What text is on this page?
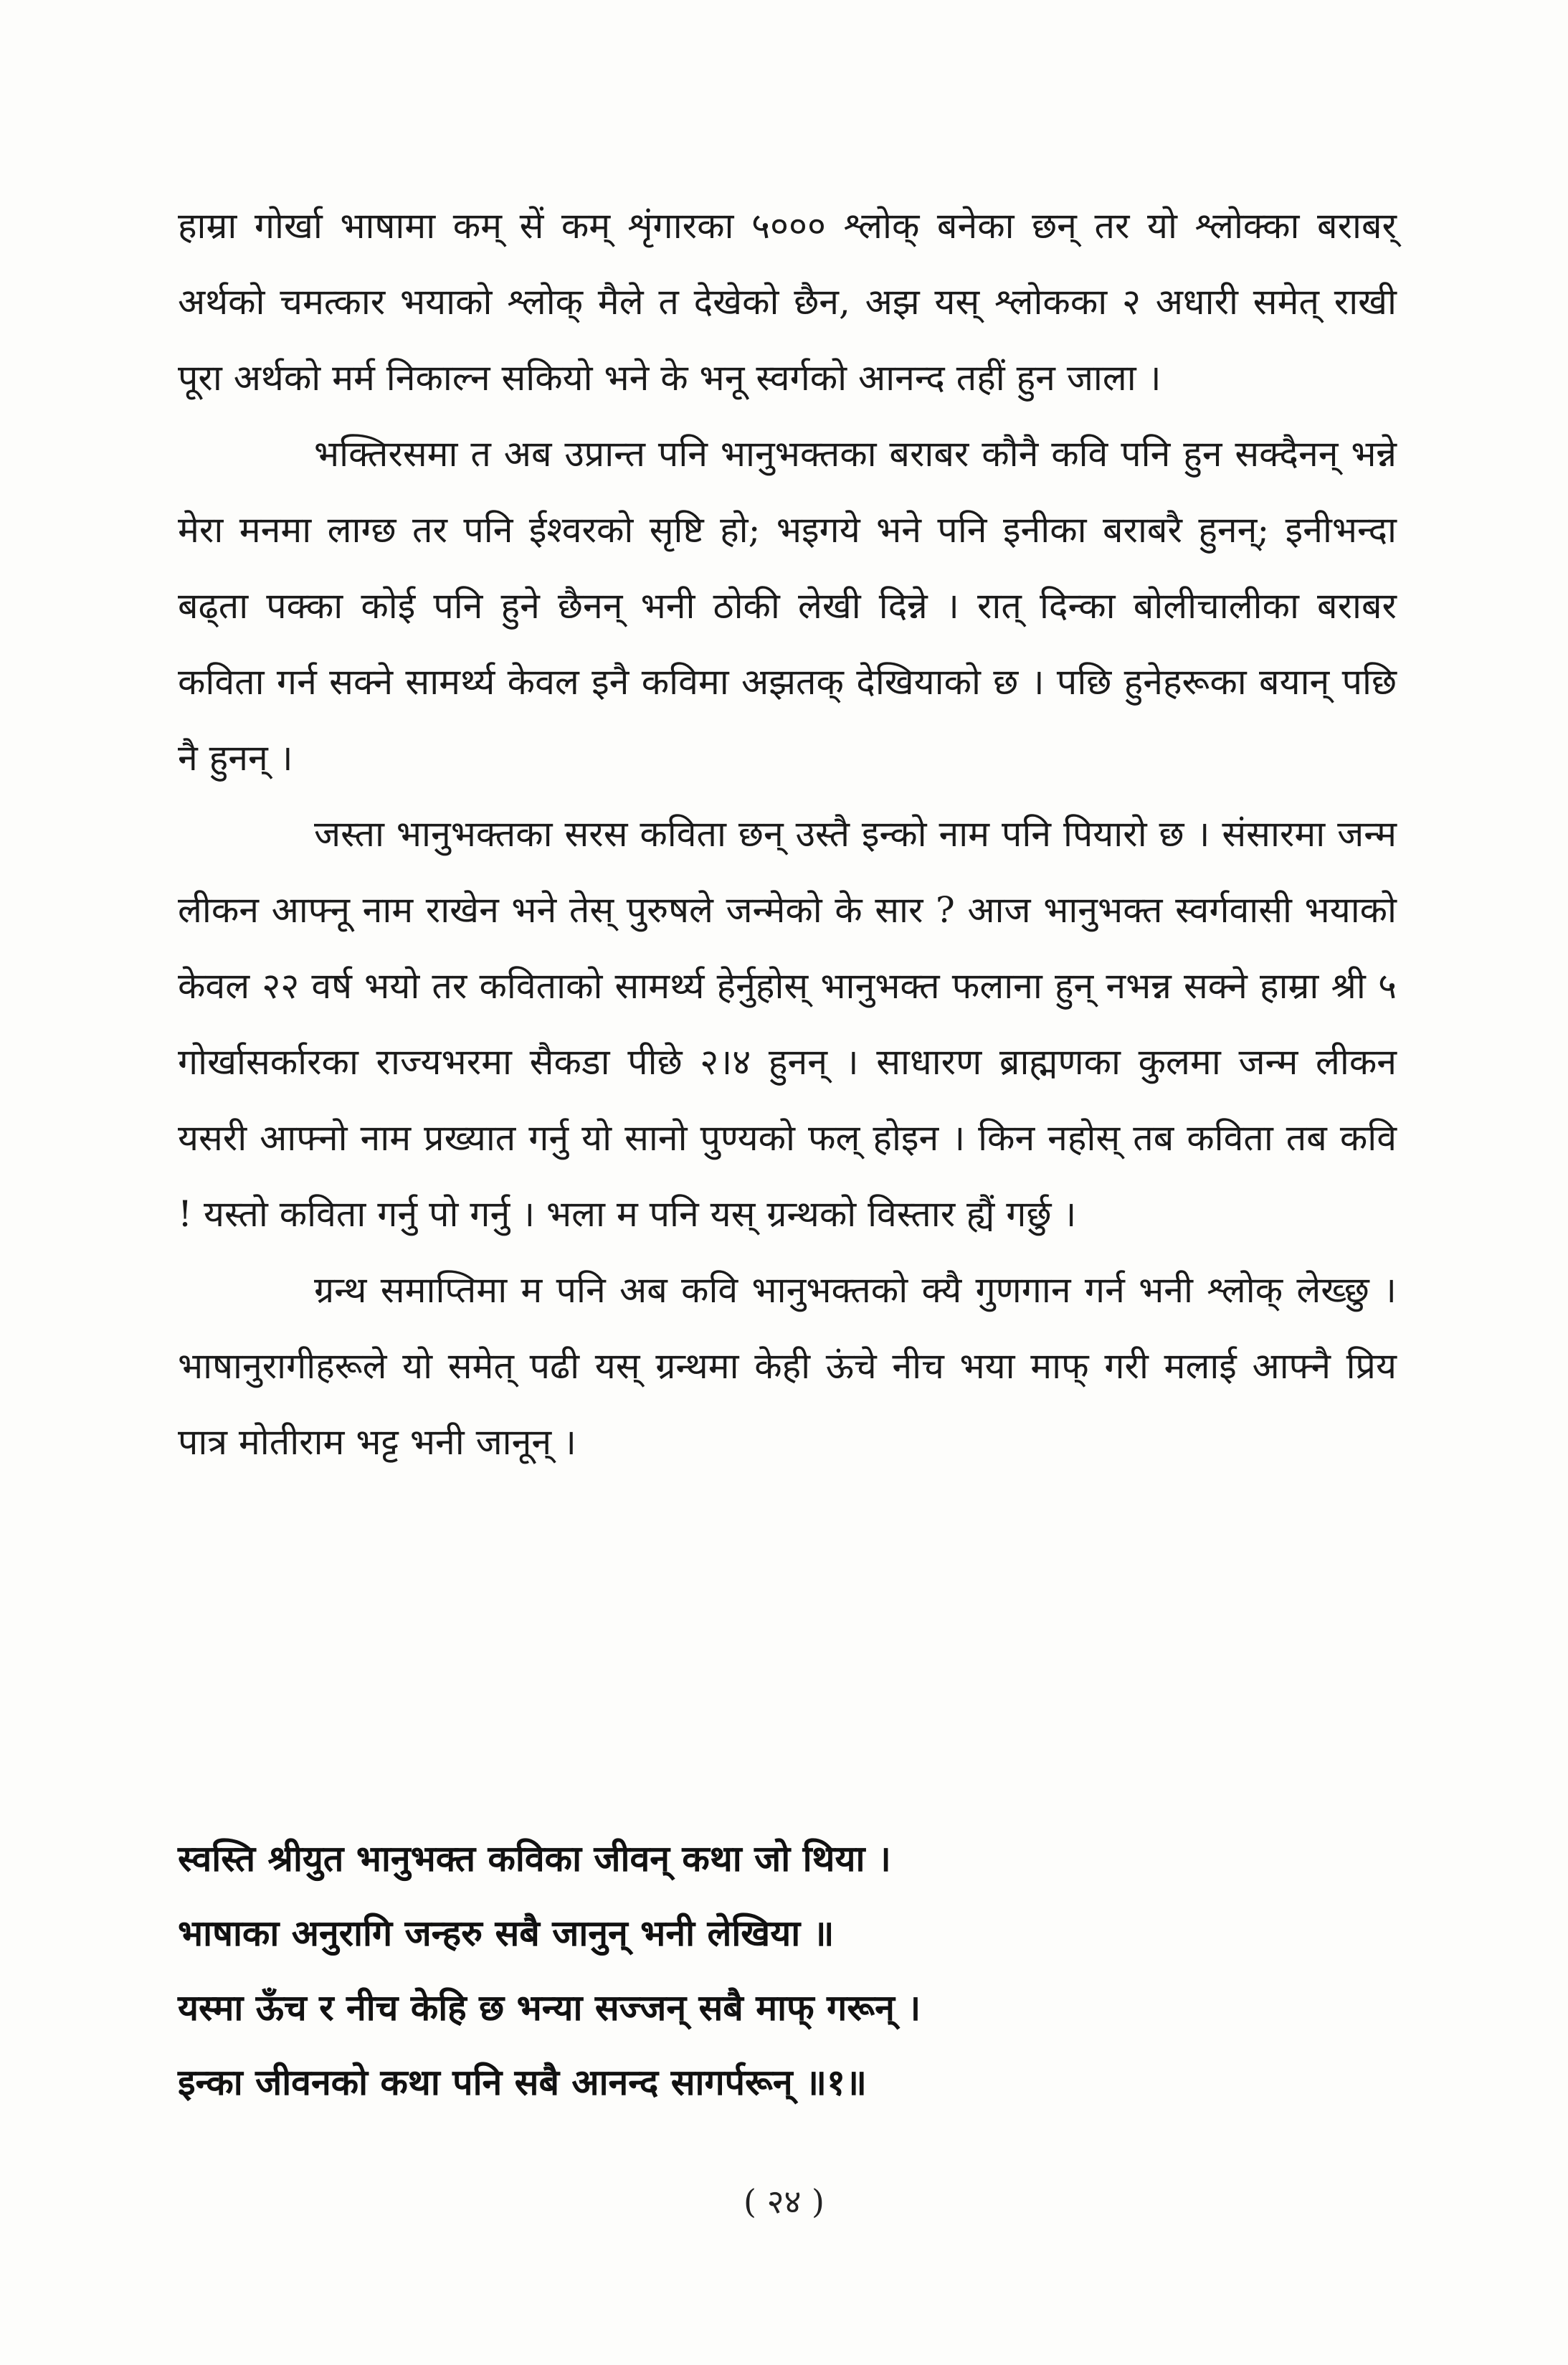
हाम्रा गोर्खा भाषामा कम् सें कम् शृंगारका ५००० श्लोक् बनेका छन् तर यो श्लोक्का बराबर् अर्थको चमत्कार भयाको श्लोक् मैले त देखेको छैन, अझ यस् श्लोकका २ अधारी समेत् राखी पूरा अर्थको मर्म निकाल्न सकियो भने के भनू स्वर्गको आनन्द तहीं हुन जाला ।

भक्तिरसमा त अब उप्रान्त पनि भानुभक्तका बराबर कौनै कवि पनि हुन सक्दैनन् भन्ने मेरा मनमा लाग्छ तर पनि ईश्वरको सृष्टि हो; भइगये भने पनि इनीका बराबरै हुनन्; इनीभन्दा बढ्ता पक्का कोई पनि हुने छैनन् भनी ठोकी लेखी दिन्ने । रात् दिन्का बोलीचालीका बराबर कविता गर्न सक्ने सामर्थ्य केवल इनै कविमा अझतक् देखियाको छ । पछि हुनेहरूका बयान् पछि नै हुनन् ।

जस्ता भानुभक्तका सरस कविता छन् उस्तै इन्को नाम पनि पियारो छ । संसारमा जन्म लीकन आफ्नू नाम राखेन भने तेस् पुरुषले जन्मेको के सार ? आज भानुभक्त स्वर्गवासी भयाको केवल २२ वर्ष भयो तर कविताको सामर्थ्य हेर्नुहोस् भानुभक्त फलाना हुन् नभन्न सक्ने हाम्रा श्री ५ गोर्खासर्कारका राज्यभरमा सैकडा पीछे २।४ हुनन् । साधारण ब्राह्मणका कुलमा जन्म लीकन यसरी आफ्नो नाम प्रख्यात गर्नु यो सानो पुण्यको फल् होइन । किन नहोस् तब कविता तब कवि ! यस्तो कविता गर्नु पो गर्नु । भला म पनि यस् ग्रन्थको विस्तार ह्यैं गर्छु ।

ग्रन्थ समाप्तिमा म पनि अब कवि भानुभक्तको क्यै गुणगान गर्न भनी श्लोक् लेख्छु । भाषानुरागीहरूले यो समेत् पढी यस् ग्रन्थमा केही ऊंचे नीच भया माफ् गरी मलाई आफ्नै प्रिय पात्र मोतीराम भट्ट भनी जानून् ।

स्वस्ति श्रीयुत भानुभक्त कविका जीवन् कथा जो थिया ।
भाषाका अनुरागि जन्हरु सबै जानुन् भनी लेखिया ॥
यस्मा ऊँच र नीच केहि छ भन्या सज्जन् सबै माफ् गरून् ।
इन्का जीवनको कथा पनि सबै आनन्द सागर्परून् ॥१॥
( २४ )
